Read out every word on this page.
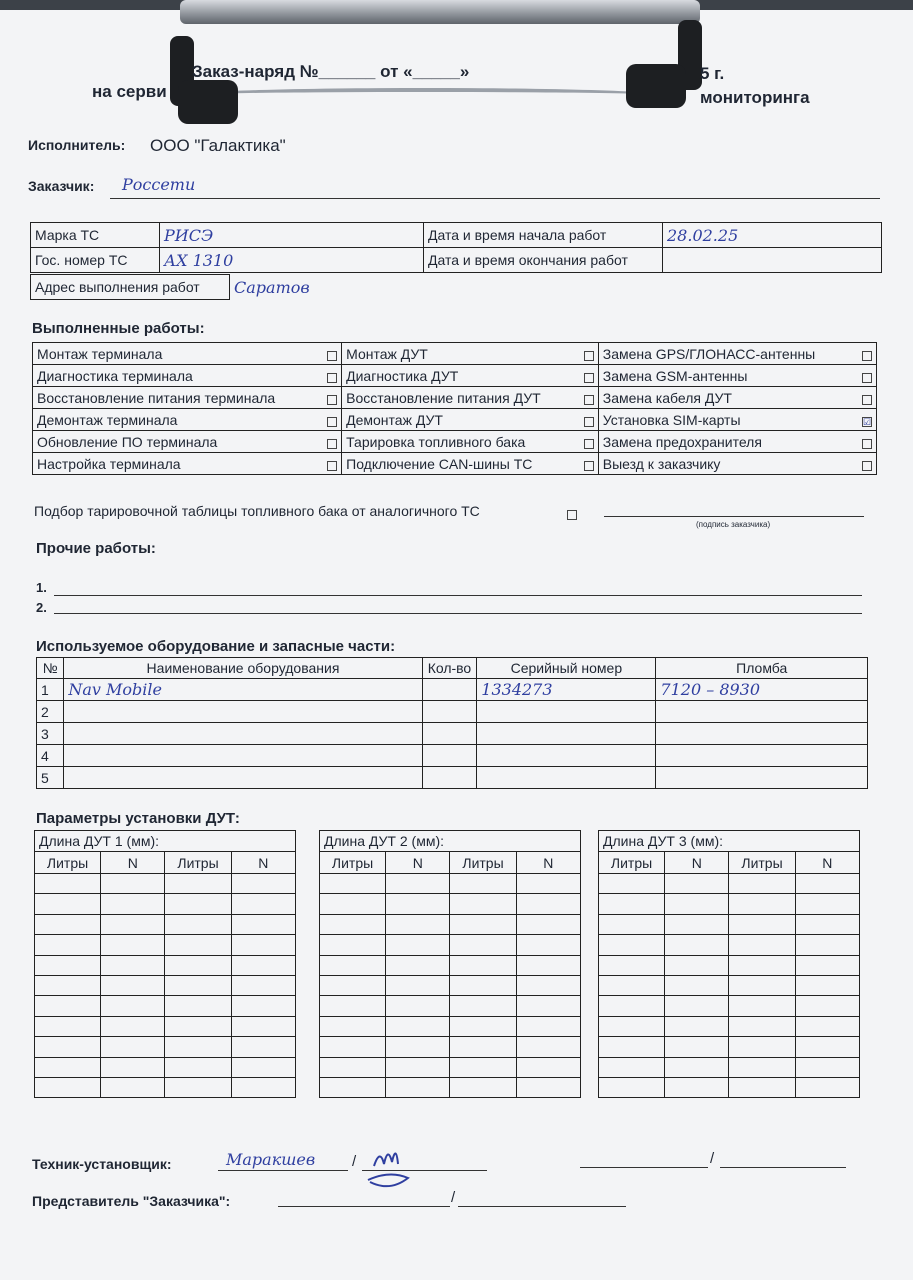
Заказ-наряд №______ от «_____»	5 г.
на серви	мониторинга
Исполнитель: ООО "Галактика"
Заказчик: Россети
Марка ТС	РИСЭ	Дата и время начала работ	28.02.25
Гос. номер ТС	АХ 1310	Дата и время окончания работ	
Адрес выполнения работ	Саратов
Выполненные работы:
Монтаж терминала	Монтаж ДУТ	Замена GPS/ГЛОНАСС-антенны

Диагностика терминала	Диагностика ДУТ	Замена GSM-антенны

Восстановление питания терминала	Восстановление питания ДУТ	Замена кабеля ДУТ

Демонтаж терминала	Демонтаж ДУТ	Установка SIM-карты ☑

Обновление ПО терминала	Тарировка топливного бака	Замена предохранителя

Настройка терминала	Подключение CAN-шины ТС	Выезд к заказчику
Подбор тарировочной таблицы топливного бака от аналогичного ТС
(подпись заказчика)
Прочие работы:
1.
2.
Используемое оборудование и запасные части:
№	Наименование оборудования	Кол-во	Серийный номер	Пломба
1	Nav Mobile		1334273	7120 – 8930
2				
3				
4				
5				
Параметры установки ДУТ:
Длина ДУТ 1 (мм):			
Литры	N	Литры	N

Длина ДУТ 2 (мм):			
Литры	N	Литры	N

Длина ДУТ 3 (мм):			
Литры	N	Литры	N

Техник-установщик:	Маракшев /	/
Представитель "Заказчика":	/
